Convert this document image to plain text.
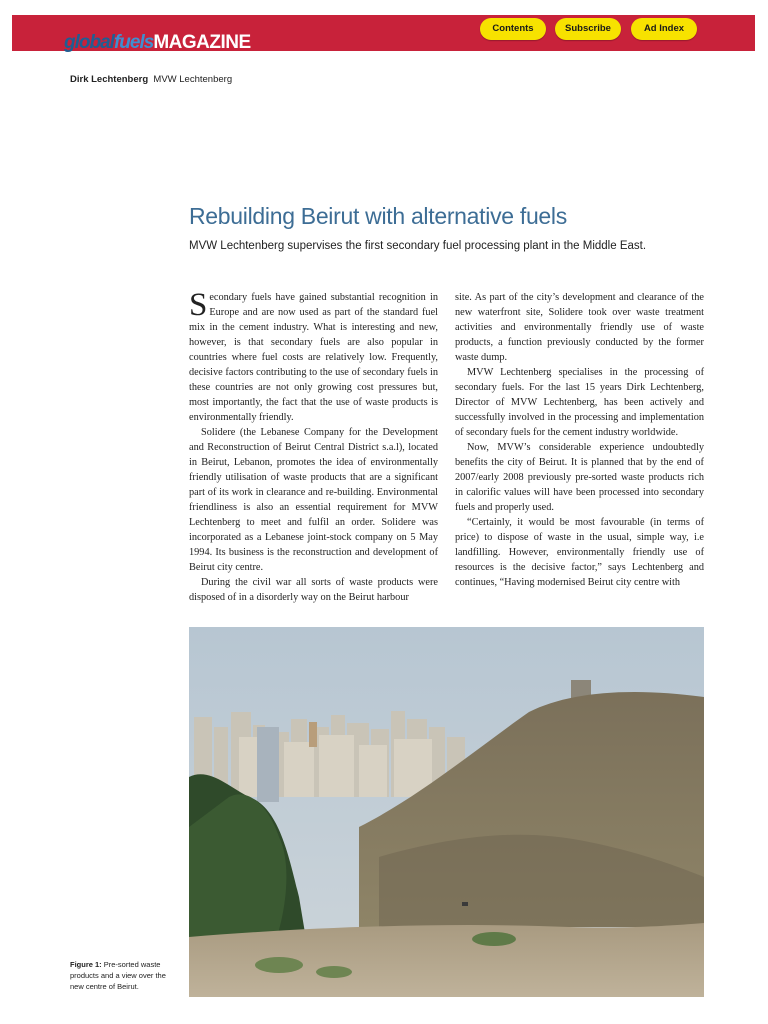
globalfuelsMAGAZINE
Contents	Subscribe	Ad Index
Dirk Lechtenberg MVW Lechtenberg
Rebuilding Beirut with alternative fuels
MVW Lechtenberg supervises the first secondary fuel processing plant in the Middle East.

Secondary fuels have gained substantial recognition in Europe and are now used as part of the standard fuel mix in the cement industry. What is interesting and new, however, is that secondary fuels are also popular in countries where fuel costs are relatively low. Frequently, decisive factors contributing to the use of secondary fuels in these countries are not only growing cost pressures but, most importantly, the fact that the use of waste products is environmentally friendly.

Solidere (the Lebanese Company for the Development and Reconstruction of Beirut Central District s.a.l), located in Beirut, Lebanon, promotes the idea of environmentally friendly utilisation of waste products that are a significant part of its work in clearance and re-building. Environmental friendliness is also an essential requirement for MVW Lechtenberg to meet and fulfil an order. Solidere was incorporated as a Lebanese joint-stock company on 5 May 1994. Its business is the reconstruction and development of Beirut city centre.

During the civil war all sorts of waste products were disposed of in a disorderly way on the Beirut harbour

site. As part of the city’s development and clearance of the new waterfront site, Solidere took over waste treatment activities and environmentally friendly use of waste products, a function previously conducted by the former waste dump.

MVW Lechtenberg specialises in the processing of secondary fuels. For the last 15 years Dirk Lechtenberg, Director of MVW Lechtenberg, has been actively and successfully involved in the processing and implementation of secondary fuels for the cement industry worldwide.

Now, MVW’s considerable experience undoubtedly benefits the city of Beirut. It is planned that by the end of 2007/early 2008 previously pre-sorted waste products rich in calorific values will have been processed into secondary fuels and properly used.

“Certainly, it would be most favourable (in terms of price) to dispose of waste in the usual, simple way, i.e landfilling. However, environmentally friendly use of resources is the decisive factor,” says Lechtenberg and continues, “Having modernised Beirut city centre with

Figure 1: Pre-sorted waste products and a view over the new centre of Beirut.
